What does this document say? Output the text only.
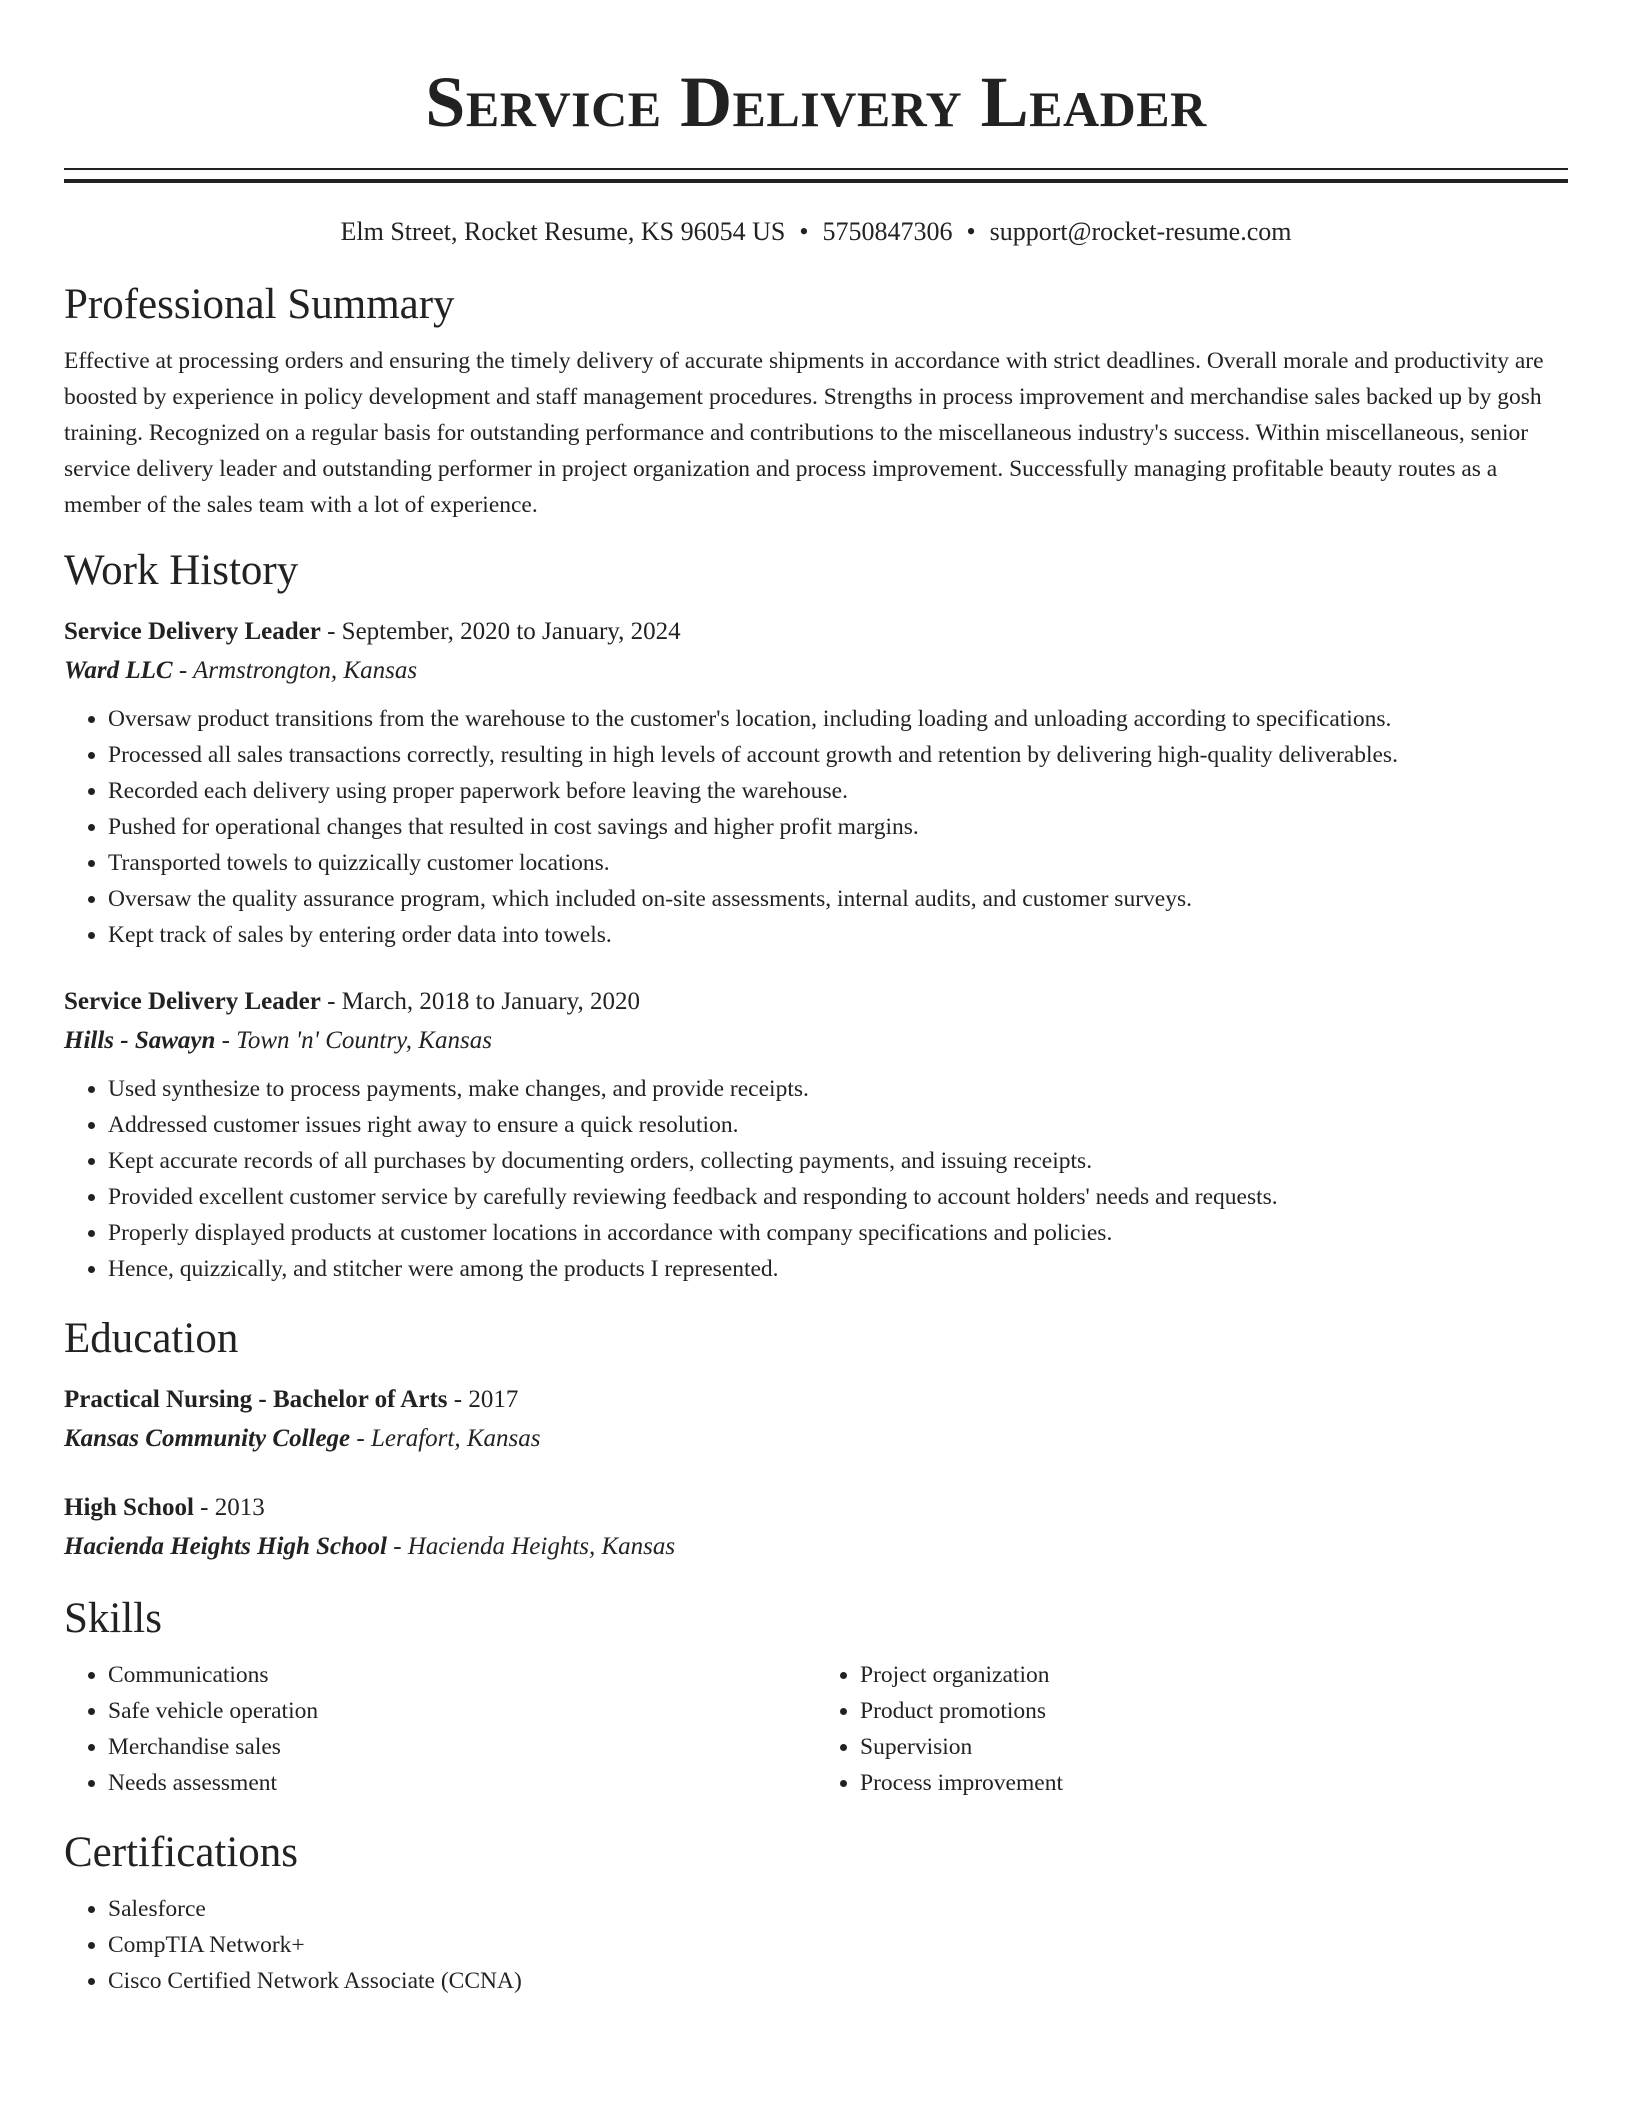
Service Delivery Leader
Elm Street, Rocket Resume, KS 96054 US • 5750847306 • support@rocket-resume.com
Professional Summary
Effective at processing orders and ensuring the timely delivery of accurate shipments in accordance with strict deadlines. Overall morale and productivity are boosted by experience in policy development and staff management procedures. Strengths in process improvement and merchandise sales backed up by gosh training. Recognized on a regular basis for outstanding performance and contributions to the miscellaneous industry's success. Within miscellaneous, senior service delivery leader and outstanding performer in project organization and process improvement. Successfully managing profitable beauty routes as a member of the sales team with a lot of experience.
Work History
Service Delivery Leader - September, 2020 to January, 2024
Ward LLC - Armstrongton, Kansas
• Oversaw product transitions from the warehouse to the customer's location, including loading and unloading according to specifications.
• Processed all sales transactions correctly, resulting in high levels of account growth and retention by delivering high-quality deliverables.
• Recorded each delivery using proper paperwork before leaving the warehouse.
• Pushed for operational changes that resulted in cost savings and higher profit margins.
• Transported towels to quizzically customer locations.
• Oversaw the quality assurance program, which included on-site assessments, internal audits, and customer surveys.
• Kept track of sales by entering order data into towels.
Service Delivery Leader - March, 2018 to January, 2020
Hills - Sawayn - Town 'n' Country, Kansas
• Used synthesize to process payments, make changes, and provide receipts.
• Addressed customer issues right away to ensure a quick resolution.
• Kept accurate records of all purchases by documenting orders, collecting payments, and issuing receipts.
• Provided excellent customer service by carefully reviewing feedback and responding to account holders' needs and requests.
• Properly displayed products at customer locations in accordance with company specifications and policies.
• Hence, quizzically, and stitcher were among the products I represented.
Education
Practical Nursing - Bachelor of Arts - 2017
Kansas Community College - Lerafort, Kansas
High School - 2013
Hacienda Heights High School - Hacienda Heights, Kansas
Skills
• Communications
• Safe vehicle operation
• Merchandise sales
• Needs assessment
• Project organization
• Product promotions
• Supervision
• Process improvement
Certifications
• Salesforce
• CompTIA Network+
• Cisco Certified Network Associate (CCNA)
